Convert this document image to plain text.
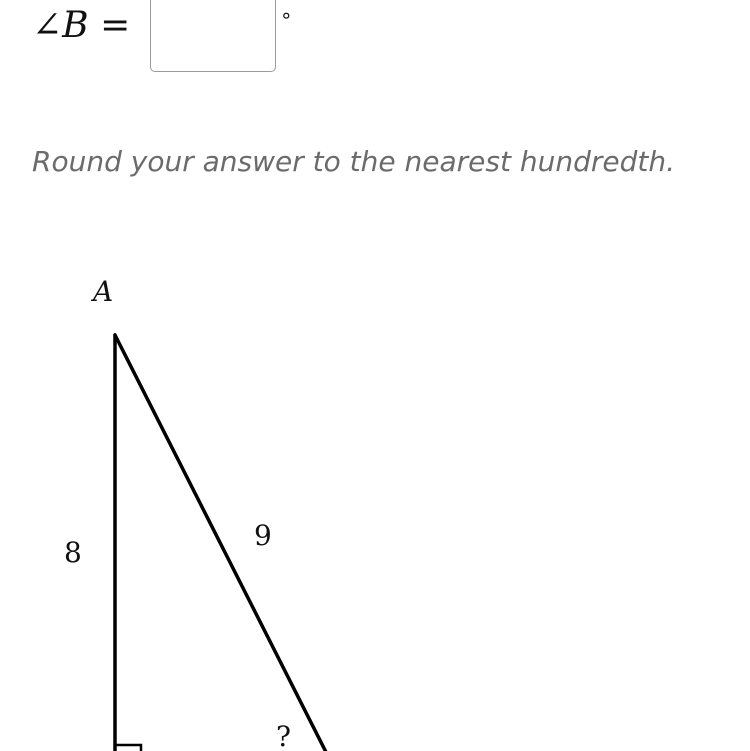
∠B =	∘
Round your answer to the nearest hundredth.
A
8
9
?
